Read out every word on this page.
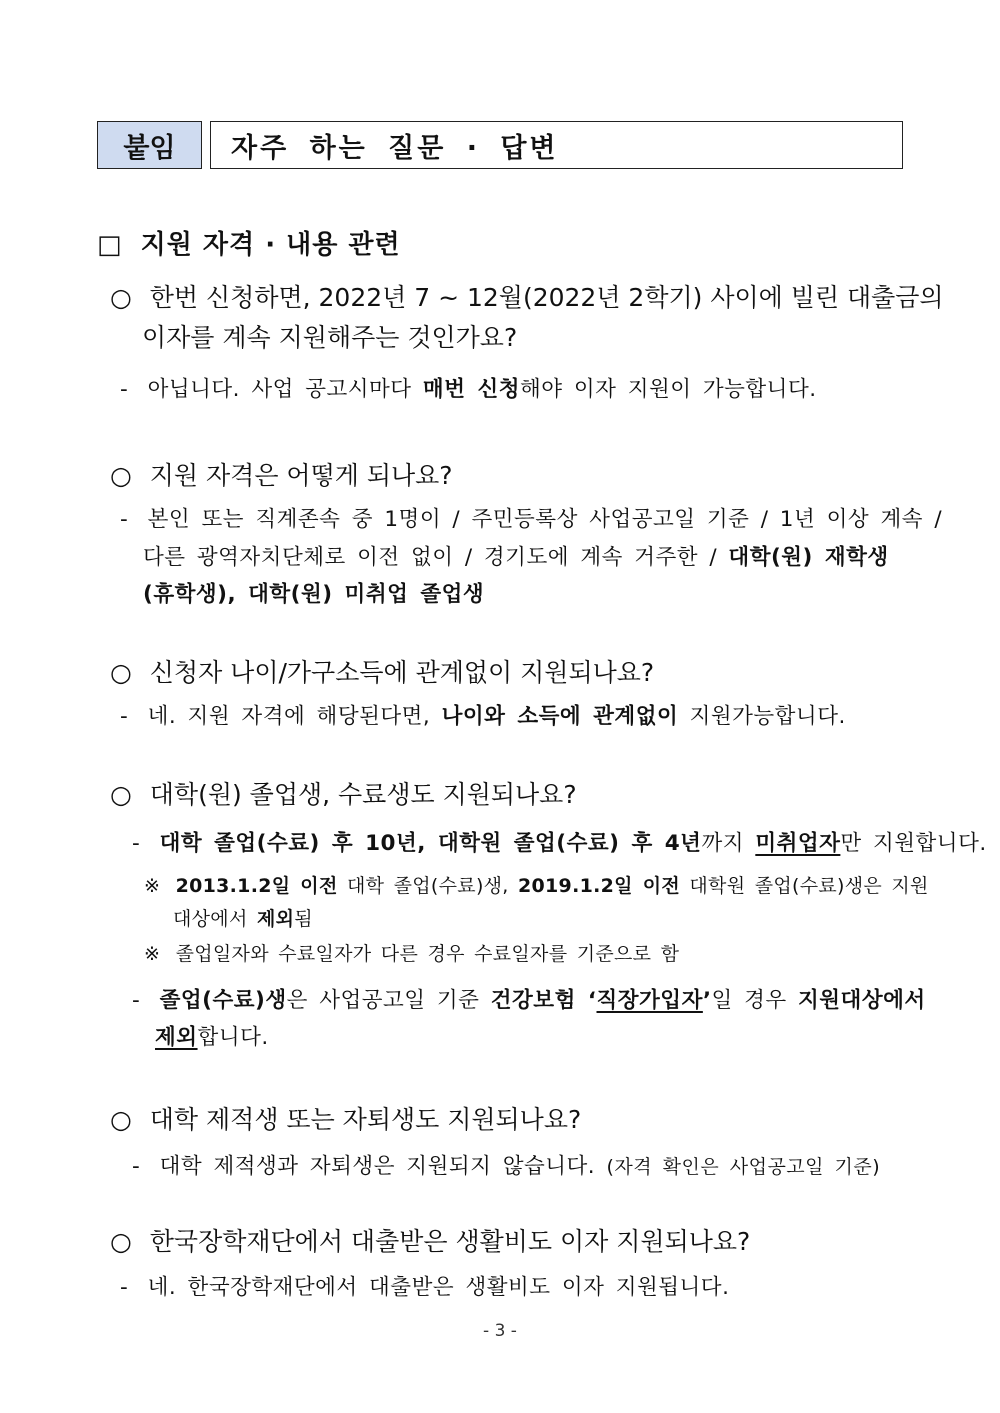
붙임 자주 하는 질문 · 답변
□ 지원 자격 · 내용 관련
○ 한번 신청하면, 2022년 7 ~ 12월(2022년 2학기) 사이에 빌린 대출금의
이자를 계속 지원해주는 것인가요?
- 아닙니다. 사업 공고시마다 매번 신청해야 이자 지원이 가능합니다.
○ 지원 자격은 어떻게 되나요?
- 본인 또는 직계존속 중 1명이 / 주민등록상 사업공고일 기준 / 1년 이상 계속 /
다른 광역자치단체로 이전 없이 / 경기도에 계속 거주한 / 대학(원) 재학생
(휴학생), 대학(원) 미취업 졸업생
○ 신청자 나이/가구소득에 관계없이 지원되나요?
- 네. 지원 자격에 해당된다면, 나이와 소득에 관계없이 지원가능합니다.
○ 대학(원) 졸업생, 수료생도 지원되나요?
- 대학 졸업(수료) 후 10년, 대학원 졸업(수료) 후 4년까지 미취업자만 지원합니다.
※ 2013.1.2일 이전 대학 졸업(수료)생, 2019.1.2일 이전 대학원 졸업(수료)생은 지원
대상에서 제외됨
※ 졸업일자와 수료일자가 다른 경우 수료일자를 기준으로 함
- 졸업(수료)생은 사업공고일 기준 건강보험 ‘직장가입자’일 경우 지원대상에서
제외합니다.
○ 대학 제적생 또는 자퇴생도 지원되나요?
- 대학 제적생과 자퇴생은 지원되지 않습니다. (자격 확인은 사업공고일 기준)
○ 한국장학재단에서 대출받은 생활비도 이자 지원되나요?
- 네. 한국장학재단에서 대출받은 생활비도 이자 지원됩니다.
- 3 -
